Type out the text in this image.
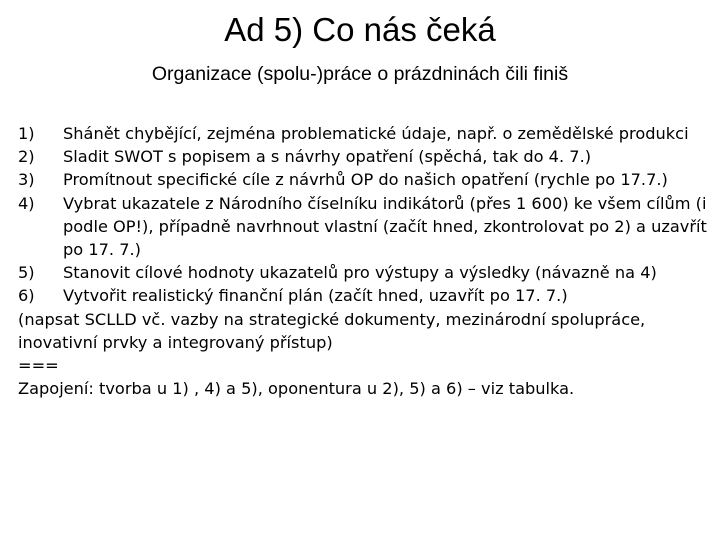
Ad 5) Co nás čeká
Organizace (spolu-)práce o prázdninách čili finiš
1) Shánět chybějící, zejména problematické údaje, např. o zemědělské produkci
2) Sladit SWOT s popisem a s návrhy opatření (spěchá, tak do 4. 7.)
3) Promítnout specifické cíle z návrhů OP do našich opatření (rychle po 17.7.)
4) Vybrat ukazatele z Národního číselníku indikátorů (přes 1 600) ke všem cílům (i podle OP!), případně navrhnout vlastní (začít hned, zkontrolovat po 2) a uzavřít po 17. 7.)
5) Stanovit cílové hodnoty ukazatelů pro výstupy a výsledky (návazně na 4)
6) Vytvořit realistický finanční plán (začít hned, uzavřít po 17. 7.)

(napsat SCLLD vč. vazby na strategické dokumenty, mezinárodní spolupráce, inovativní prvky a integrovaný přístup)

===

Zapojení: tvorba u 1) , 4) a 5), oponentura u 2), 5) a 6) – viz tabulka.
